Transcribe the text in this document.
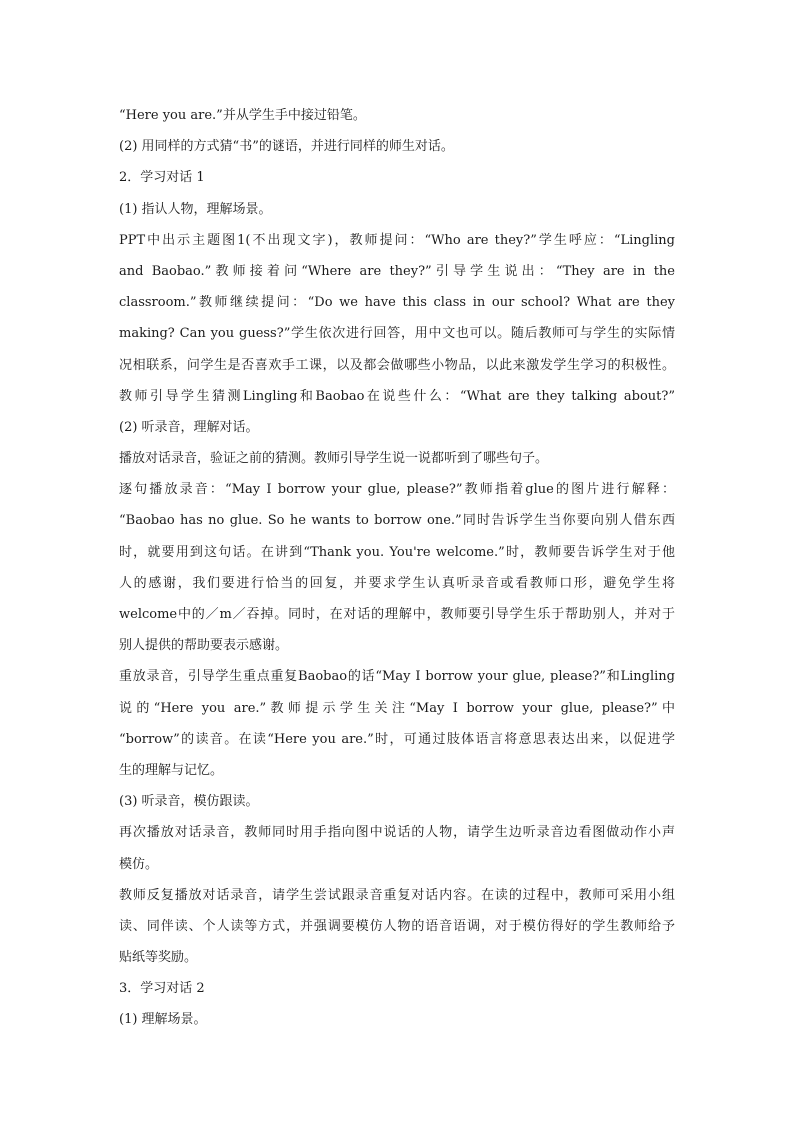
“Here you are.”并从学生手中接过铅笔。
(2) 用同样的方式猜“书”的谜语，并进行同样的师生对话。
2．学习对话 1
(1) 指认人物，理解场景。
PPT中出示主题图1(不出现文字)，教师提问：“Who are they?”学生呼应：“Lingling
and Baobao.”教师接着问“Where are they?”引导学生说出：“They are in the
classroom.”教师继续提问：“Do we have this class in our school? What are they
making? Can you guess?”学生依次进行回答，用中文也可以。随后教师可与学生的实际情
况相联系，问学生是否喜欢手工课，以及都会做哪些小物品，以此来激发学生学习的积极性。
教师引导学生猜测Lingling和Baobao在说些什么：“What are they talking about?”
(2) 听录音，理解对话。
播放对话录音，验证之前的猜测。教师引导学生说一说都听到了哪些句子。
逐句播放录音：“May I borrow your glue, please?”教师指着glue的图片进行解释：
“Baobao has no glue. So he wants to borrow one.”同时告诉学生当你要向别人借东西
时，就要用到这句话。在讲到“Thank you. You're welcome.”时，教师要告诉学生对于他
人的感谢，我们要进行恰当的回复，并要求学生认真听录音或看教师口形，避免学生将
welcome中的／m／吞掉。同时，在对话的理解中，教师要引导学生乐于帮助别人，并对于
别人提供的帮助要表示感谢。
重放录音，引导学生重点重复Baobao的话“May I borrow your glue, please?”和Lingling
说的“Here you are.”教师提示学生关注“May I borrow your glue, please?”中
“borrow”的读音。在读“Here you are.”时，可通过肢体语言将意思表达出来，以促进学
生的理解与记忆。
(3) 听录音，模仿跟读。
再次播放对话录音，教师同时用手指向图中说话的人物，请学生边听录音边看图做动作小声
模仿。
教师反复播放对话录音，请学生尝试跟录音重复对话内容。在读的过程中，教师可采用小组
读、同伴读、个人读等方式，并强调要模仿人物的语音语调，对于模仿得好的学生教师给予
贴纸等奖励。
3．学习对话 2
(1) 理解场景。
